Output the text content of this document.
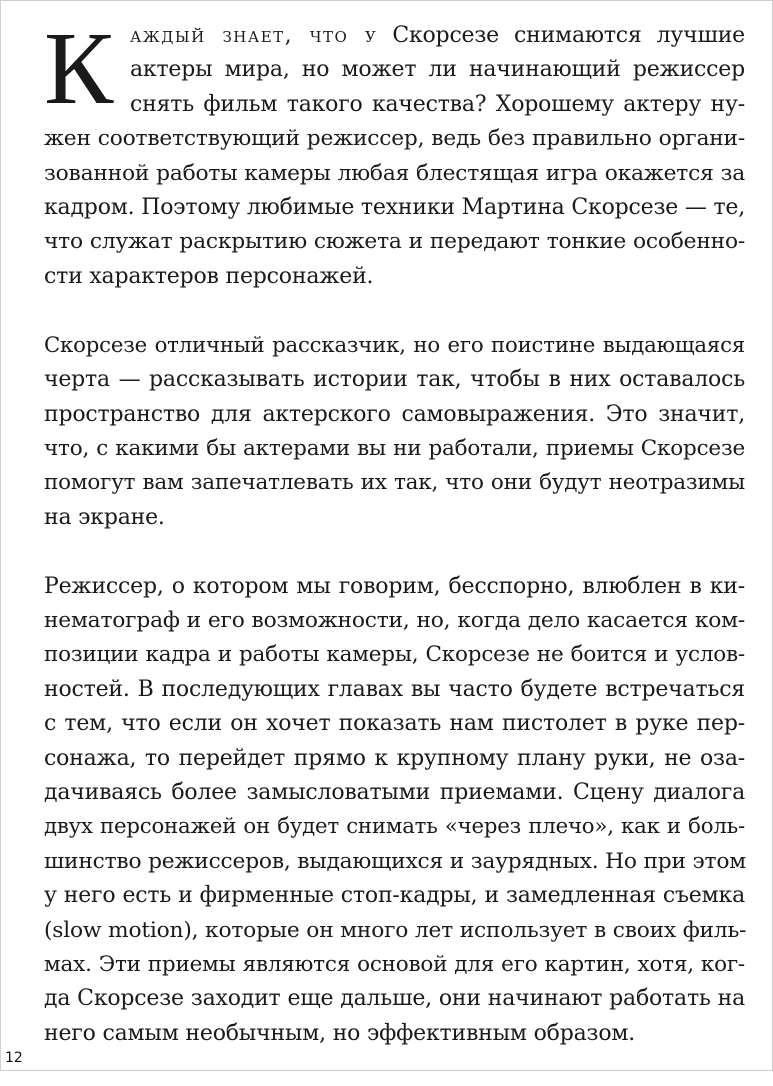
К аждый знает, что у Скорсезе снимаются лучшие
актеры мира, но может ли начинающий режиссер
снять фильм такого качества? Хорошему актеру ну-
жен соответствующий режиссер, ведь без правильно органи-
зованной работы камеры любая блестящая игра окажется за
кадром. Поэтому любимые техники Мартина Скорсезе — те,
что служат раскрытию сюжета и передают тонкие особенно-
сти характеров персонажей.
Скорсезе отличный рассказчик, но его поистине выдающаяся
черта — рассказывать истории так, чтобы в них оставалось
пространство для актерского самовыражения. Это значит,
что, с какими бы актерами вы ни работали, приемы Скорсезе
помогут вам запечатлевать их так, что они будут неотразимы
на экране.
Режиссер, о котором мы говорим, бесспорно, влюблен в ки-
нематограф и его возможности, но, когда дело касается ком-
позиции кадра и работы камеры, Скорсезе не боится и услов-
ностей. В последующих главах вы часто будете встречаться
с тем, что если он хочет показать нам пистолет в руке пер-
сонажа, то перейдет прямо к крупному плану руки, не оза-
дачиваясь более замысловатыми приемами. Сцену диалога
двух персонажей он будет снимать «через плечо», как и боль-
шинство режиссеров, выдающихся и заурядных. Но при этом
у него есть и фирменные стоп-кадры, и замедленная съемка
(slow motion), которые он много лет использует в своих филь-
мах. Эти приемы являются основой для его картин, хотя, ког-
да Скорсезе заходит еще дальше, они начинают работать на
него самым необычным, но эффективным образом.
12
